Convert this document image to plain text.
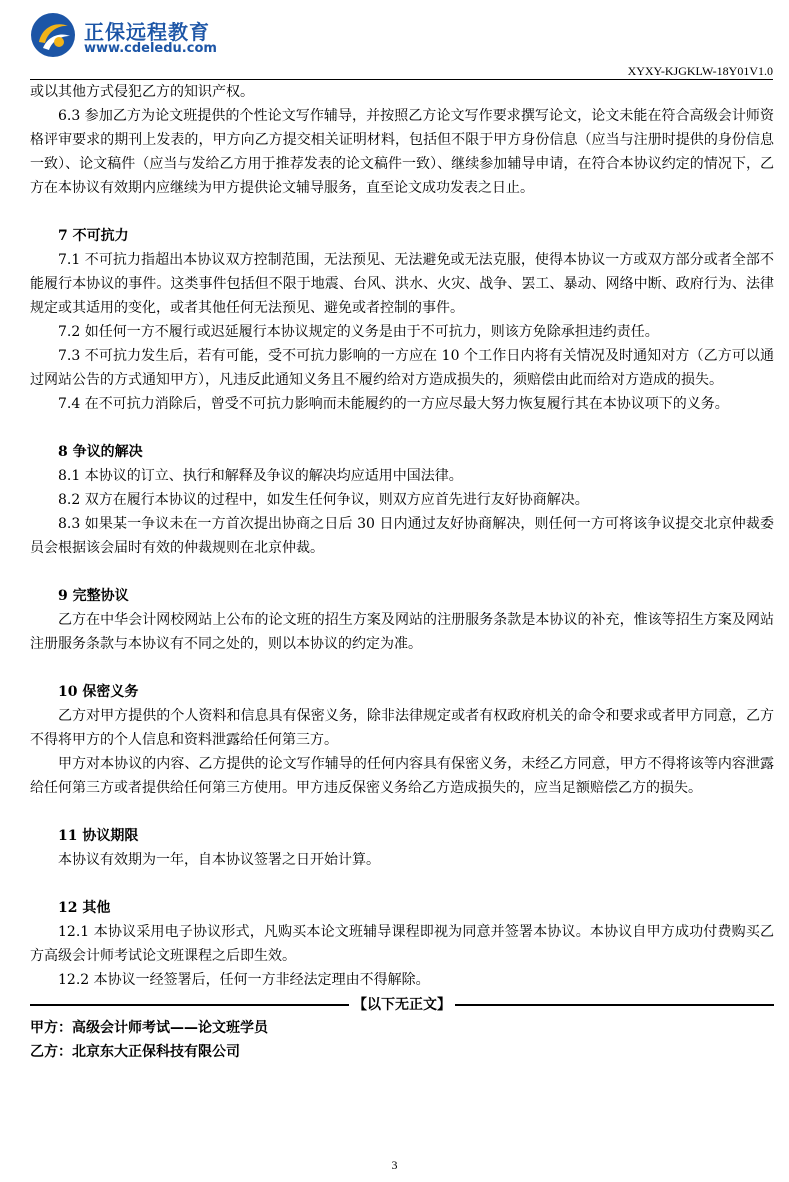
正保远程教育
www.cdeledu.com
XYXY-KJGKLW-18Y01V1.0

或以其他方式侵犯乙方的知识产权。

6.3 参加乙方为论文班提供的个性论文写作辅导，并按照乙方论文写作要求撰写论文，论文未能在符合高级会计师资格评审要求的期刊上发表的，甲方向乙方提交相关证明材料，包括但不限于甲方身份信息（应当与注册时提供的身份信息一致）、论文稿件（应当与发给乙方用于推荐发表的论文稿件一致）、继续参加辅导申请，在符合本协议约定的情况下，乙方在本协议有效期内应继续为甲方提供论文辅导服务，直至论文成功发表之日止。

7 不可抗力

7.1 不可抗力指超出本协议双方控制范围，无法预见、无法避免或无法克服，使得本协议一方或双方部分或者全部不能履行本协议的事件。这类事件包括但不限于地震、台风、洪水、火灾、战争、罢工、暴动、网络中断、政府行为、法律规定或其适用的变化，或者其他任何无法预见、避免或者控制的事件。

7.2 如任何一方不履行或迟延履行本协议规定的义务是由于不可抗力，则该方免除承担违约责任。

7.3 不可抗力发生后，若有可能，受不可抗力影响的一方应在 10 个工作日内将有关情况及时通知对方（乙方可以通过网站公告的方式通知甲方），凡违反此通知义务且不履约给对方造成损失的，须赔偿由此而给对方造成的损失。

7.4 在不可抗力消除后，曾受不可抗力影响而未能履约的一方应尽最大努力恢复履行其在本协议项下的义务。

8 争议的解决

8.1 本协议的订立、执行和解释及争议的解决均应适用中国法律。

8.2 双方在履行本协议的过程中，如发生任何争议，则双方应首先进行友好协商解决。

8.3 如果某一争议未在一方首次提出协商之日后 30 日内通过友好协商解决，则任何一方可将该争议提交北京仲裁委员会根据该会届时有效的仲裁规则在北京仲裁。

9 完整协议

乙方在中华会计网校网站上公布的论文班的招生方案及网站的注册服务条款是本协议的补充，惟该等招生方案及网站注册服务条款与本协议有不同之处的，则以本协议的约定为准。

10 保密义务

乙方对甲方提供的个人资料和信息具有保密义务，除非法律规定或者有权政府机关的命令和要求或者甲方同意，乙方不得将甲方的个人信息和资料泄露给任何第三方。

甲方对本协议的内容、乙方提供的论文写作辅导的任何内容具有保密义务，未经乙方同意，甲方不得将该等内容泄露给任何第三方或者提供给任何第三方使用。甲方违反保密义务给乙方造成损失的，应当足额赔偿乙方的损失。

11 协议期限

本协议有效期为一年，自本协议签署之日开始计算。

12 其他

12.1 本协议采用电子协议形式，凡购买本论文班辅导课程即视为同意并签署本协议。本协议自甲方成功付费购买乙方高级会计师考试论文班课程之后即生效。

12.2 本协议一经签署后，任何一方非经法定理由不得解除。

【以下无正文】

甲方：高级会计师考试——论文班学员

乙方：北京东大正保科技有限公司

3
